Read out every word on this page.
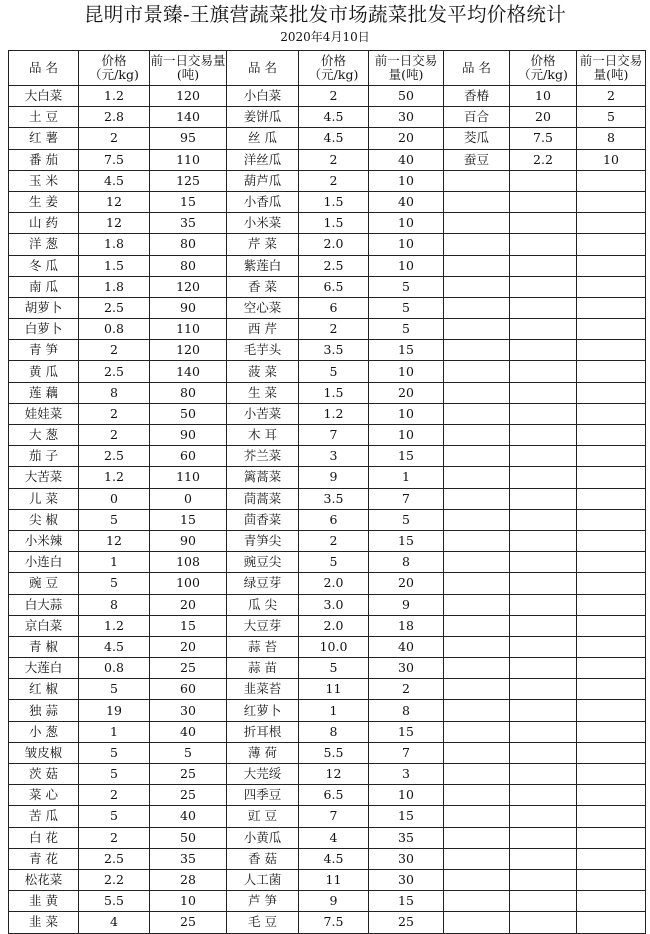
昆明市景臻-王旗营蔬菜批发市场蔬菜批发平均价格统计
2020年4月10日
品 名	价格（元/kg)	前一日交易量(吨)	品 名	价格（元/kg)	前一日交易量(吨)	品 名	价格（元/kg)	前一日交易量(吨)
大白菜	1.2	120	小白菜	2	50	香椿	10	2
土 豆	2.8	140	姜饼瓜	4.5	30	百合	20	5
红 薯	2	95	丝 瓜	4.5	20	茭瓜	7.5	8
番 茄	7.5	110	洋丝瓜	2	40	蚕豆	2.2	10
玉 米	4.5	125	葫芦瓜	2	10			
生 姜	12	15	小香瓜	1.5	40			
山 药	12	35	小米菜	1.5	10			
洋 葱	1.8	80	芹 菜	2.0	10			
冬 瓜	1.5	80	紫莲白	2.5	10			
南 瓜	1.8	120	香 菜	6.5	5			
胡萝卜	2.5	90	空心菜	6	5			
白萝卜	0.8	110	西 芹	2	5			
青 笋	2	120	毛芋头	3.5	15			
黄 瓜	2.5	140	菠 菜	5	10			
莲 藕	8	80	生 菜	1.5	20			
娃娃菜	2	50	小苦菜	1.2	10			
大 葱	2	90	木 耳	7	10			
茄 子	2.5	60	芥兰菜	3	15			
大苦菜	1.2	110	篱蒿菜	9	1			
儿 菜	0	0	茼蒿菜	3.5	7			
尖 椒	5	15	茴香菜	6	5			
小米辣	12	90	青笋尖	2	15			
小连白	1	108	豌豆尖	5	8			
豌 豆	5	100	绿豆芽	2.0	20			
白大蒜	8	20	瓜 尖	3.0	9			
京白菜	1.2	15	大豆芽	2.0	18			
青 椒	4.5	20	蒜 苔	10.0	40			
大莲白	0.8	25	蒜 苗	5	30			
红 椒	5	60	韭菜苔	11	2			
独 蒜	19	30	红萝卜	1	8			
小 葱	1	40	折耳根	8	15			
皱皮椒	5	5	薄 荷	5.5	7			
茨 菇	5	25	大芫绥	12	3			
菜 心	2	25	四季豆	6.5	10			
苦 瓜	5	40	豇 豆	7	15			
白 花	2	50	小黄瓜	4	35			
青 花	2.5	35	香 菇	4.5	30			
松花菜	2.2	28	人工菌	11	30			
韭 黄	5.5	10	芦 笋	9	15			
韭 菜	4	25	毛 豆	7.5	25			
